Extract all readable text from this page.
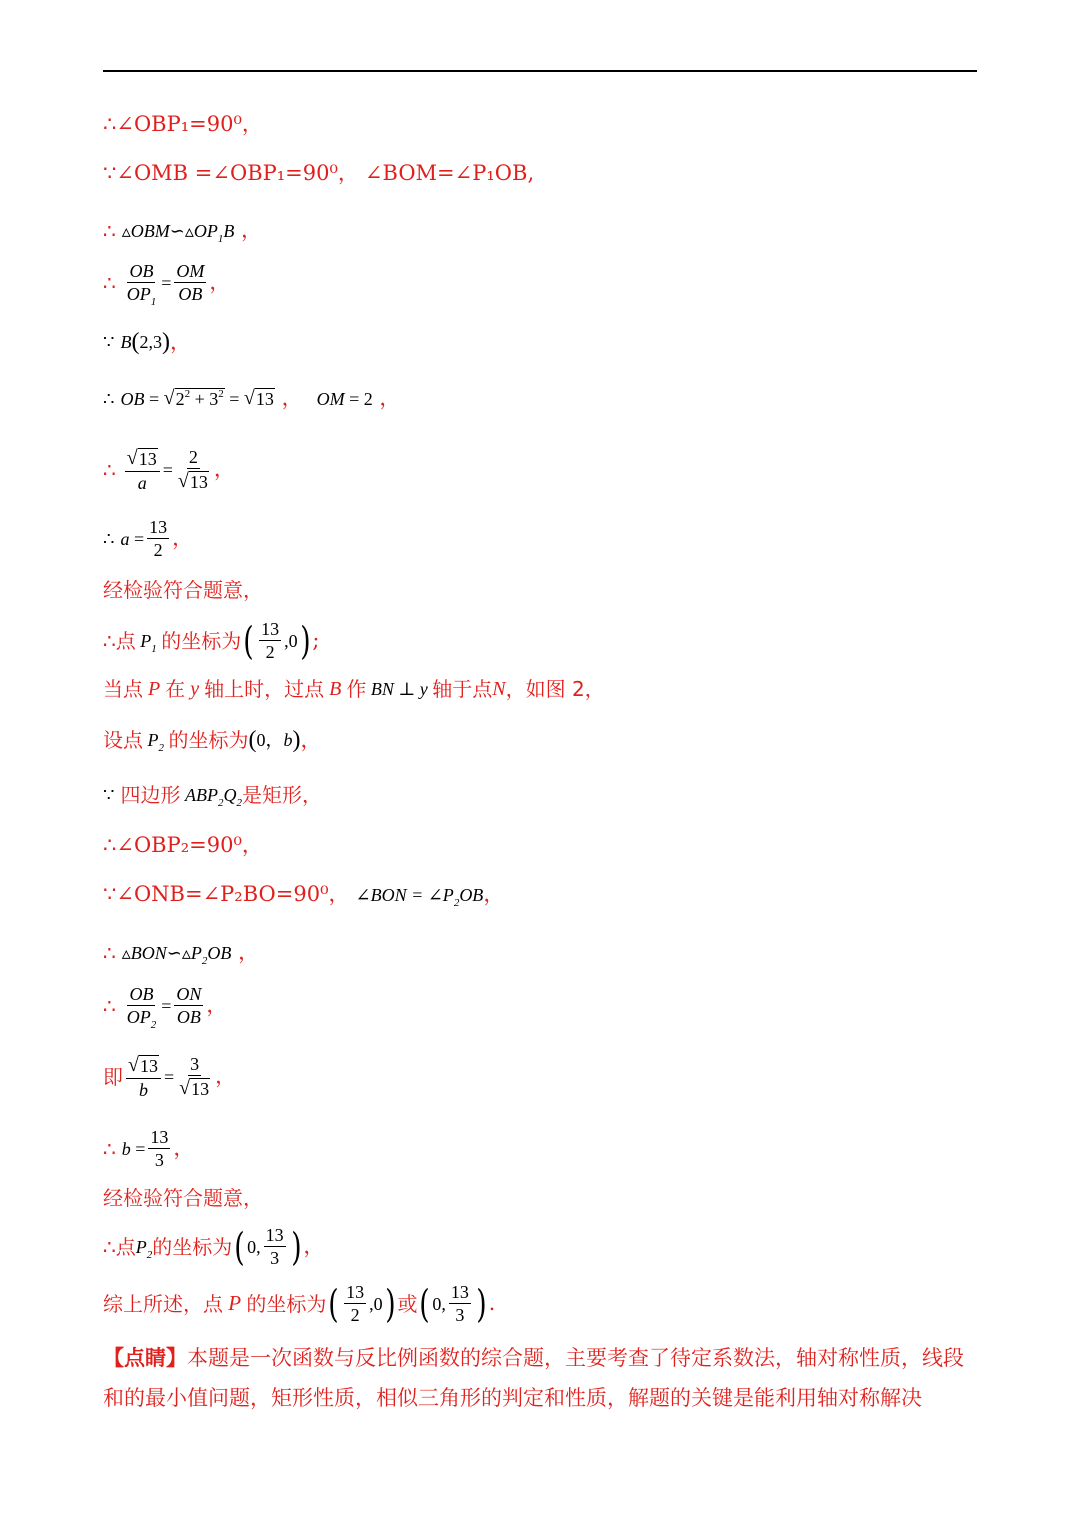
∴∠OBP₁=90⁰，
∵∠OMB =∠OBP₁=90⁰， ∠BOM=∠P₁OB,
∴ $▵OBM∽▵OP_1B$ ，
∴ $\frac{OB}{OP_1} = \frac{OM}{OB}$ ，
∵ B ( 2,3 ) ，
∴ OB = √ $2^2 + 3^2$ = √ 13 ， OM = 2 ，
∴ $\frac{√ 13}{a} = \frac{2}{√ 13}$ ，
∴ $a = \frac{13}{2}$ ，
经检验符合题意，
∴点 $P_1$ 的坐标为 ( $\frac{13}{2} ,0$ ) ;
当点 P 在 y 轴上时，过点 B 作 BN ⊥ y 轴于点 N ，如图 2，
设点 $P_2$ 的坐标为 ( 0， b ) ，
∵ 四边形 $ABP_2Q_2$ 是矩形，
∴∠OBP₂=90⁰，
∵∠ONB=∠P₂BO=90⁰， ∠BON = $\angle P_2OB$ ，
∴ $▵BON∽▵P_2OB$ ，
∴ $\frac{OB}{OP_2} = \frac{ON}{OB}$ ，
即 $\frac{√ 13}{b} = \frac{3}{√ 13}$ ，
∴ $b = \frac{13}{3}$ ，
经检验符合题意，
∴点 $P_2$ 的坐标为 ( 0, $\frac{13}{3}$ ) ，
综上所述，点 P 的坐标为 ( $\frac{13}{2} ,0$ ) 或 ( 0, $\frac{13}{3}$ ) .
【点睛】本题是一次函数与反比例函数的综合题，主要考查了待定系数法，轴对称性质，线段和的最小值问题，矩形性质，相似三角形的判定和性质，解题的关键是能利用轴对称解决
